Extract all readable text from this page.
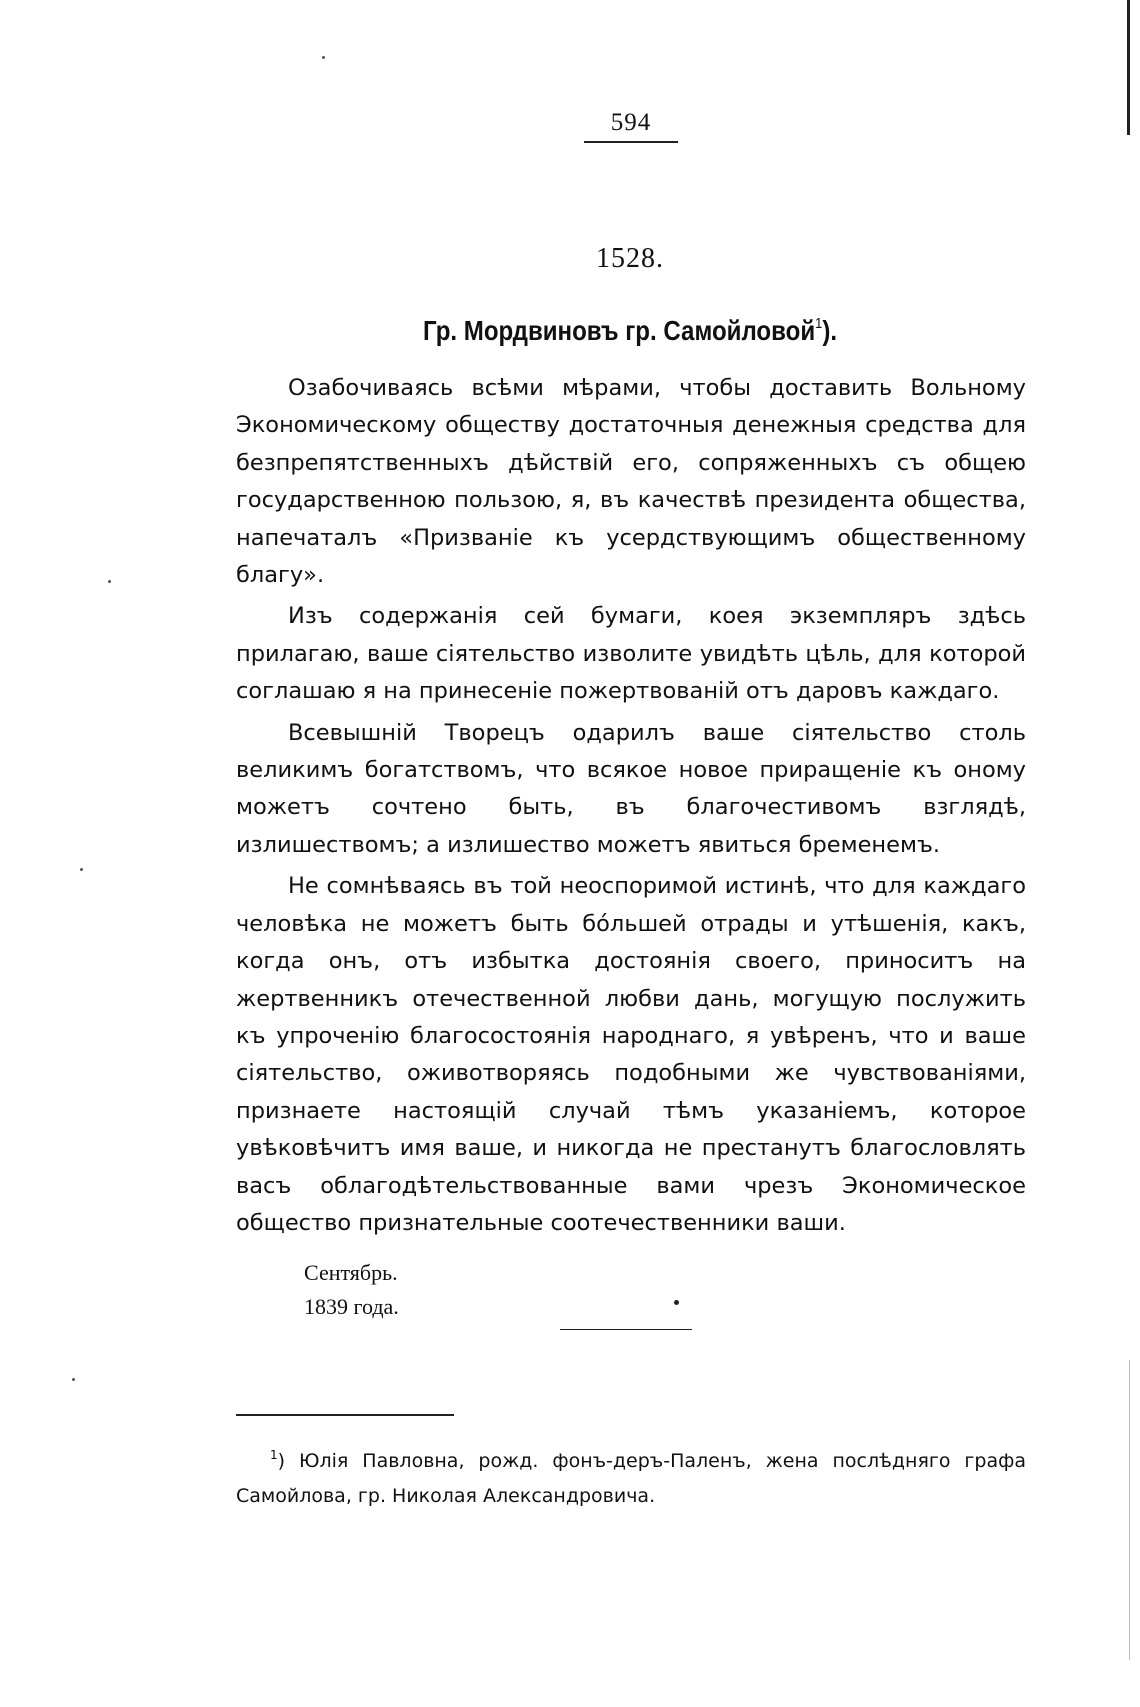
594
1528.
Гр. Мордвиновъ гр. Самойловой$^1$).

Озабочиваясь всѣми мѣрами, чтобы доставить Вольному Экономическому обществу достаточныя денежныя средства для безпрепятственныхъ дѣйствій его, сопряженныхъ съ общею государственною пользою, я, въ качествѣ президента общества, напечаталъ «Призваніе къ усердствующимъ общественному благу».

Изъ содержанія сей бумаги, коея экземпляръ здѣсь прилагаю, ваше сіятельство изволите увидѣть цѣль, для которой соглашаю я на принесеніе пожертвованій отъ даровъ каждаго.

Всевышній Творецъ одарилъ ваше сіятельство столь великимъ богатствомъ, что всякое новое приращеніе къ оному можетъ сочтено быть, въ благочестивомъ взглядѣ, излишествомъ; а излишество можетъ явиться бременемъ.

Не сомнѣваясь въ той неоспоримой истинѣ, что для каждаго человѣка не можетъ быть бóльшей отрады и утѣшенія, какъ, когда онъ, отъ избытка достоянія своего, приноситъ на жертвенникъ отечественной любви дань, могущую послужить къ упроченію благосостоянія народнаго, я увѣренъ, что и ваше сіятельство, оживотворяясь подобными же чувствованіями, признаете настоящій случай тѣмъ указаніемъ, которое увѣковѣчитъ имя ваше, и никогда не престанутъ благословлять васъ облагодѣтельствованные вами чрезъ Экономическое общество признательные соотечественники ваши.

Сентябрь.
1839 года.

$^1$) Юлія Павловна, рожд. фонъ-деръ-Паленъ, жена послѣдняго графа Самойлова, гр. Николая Александровича.
